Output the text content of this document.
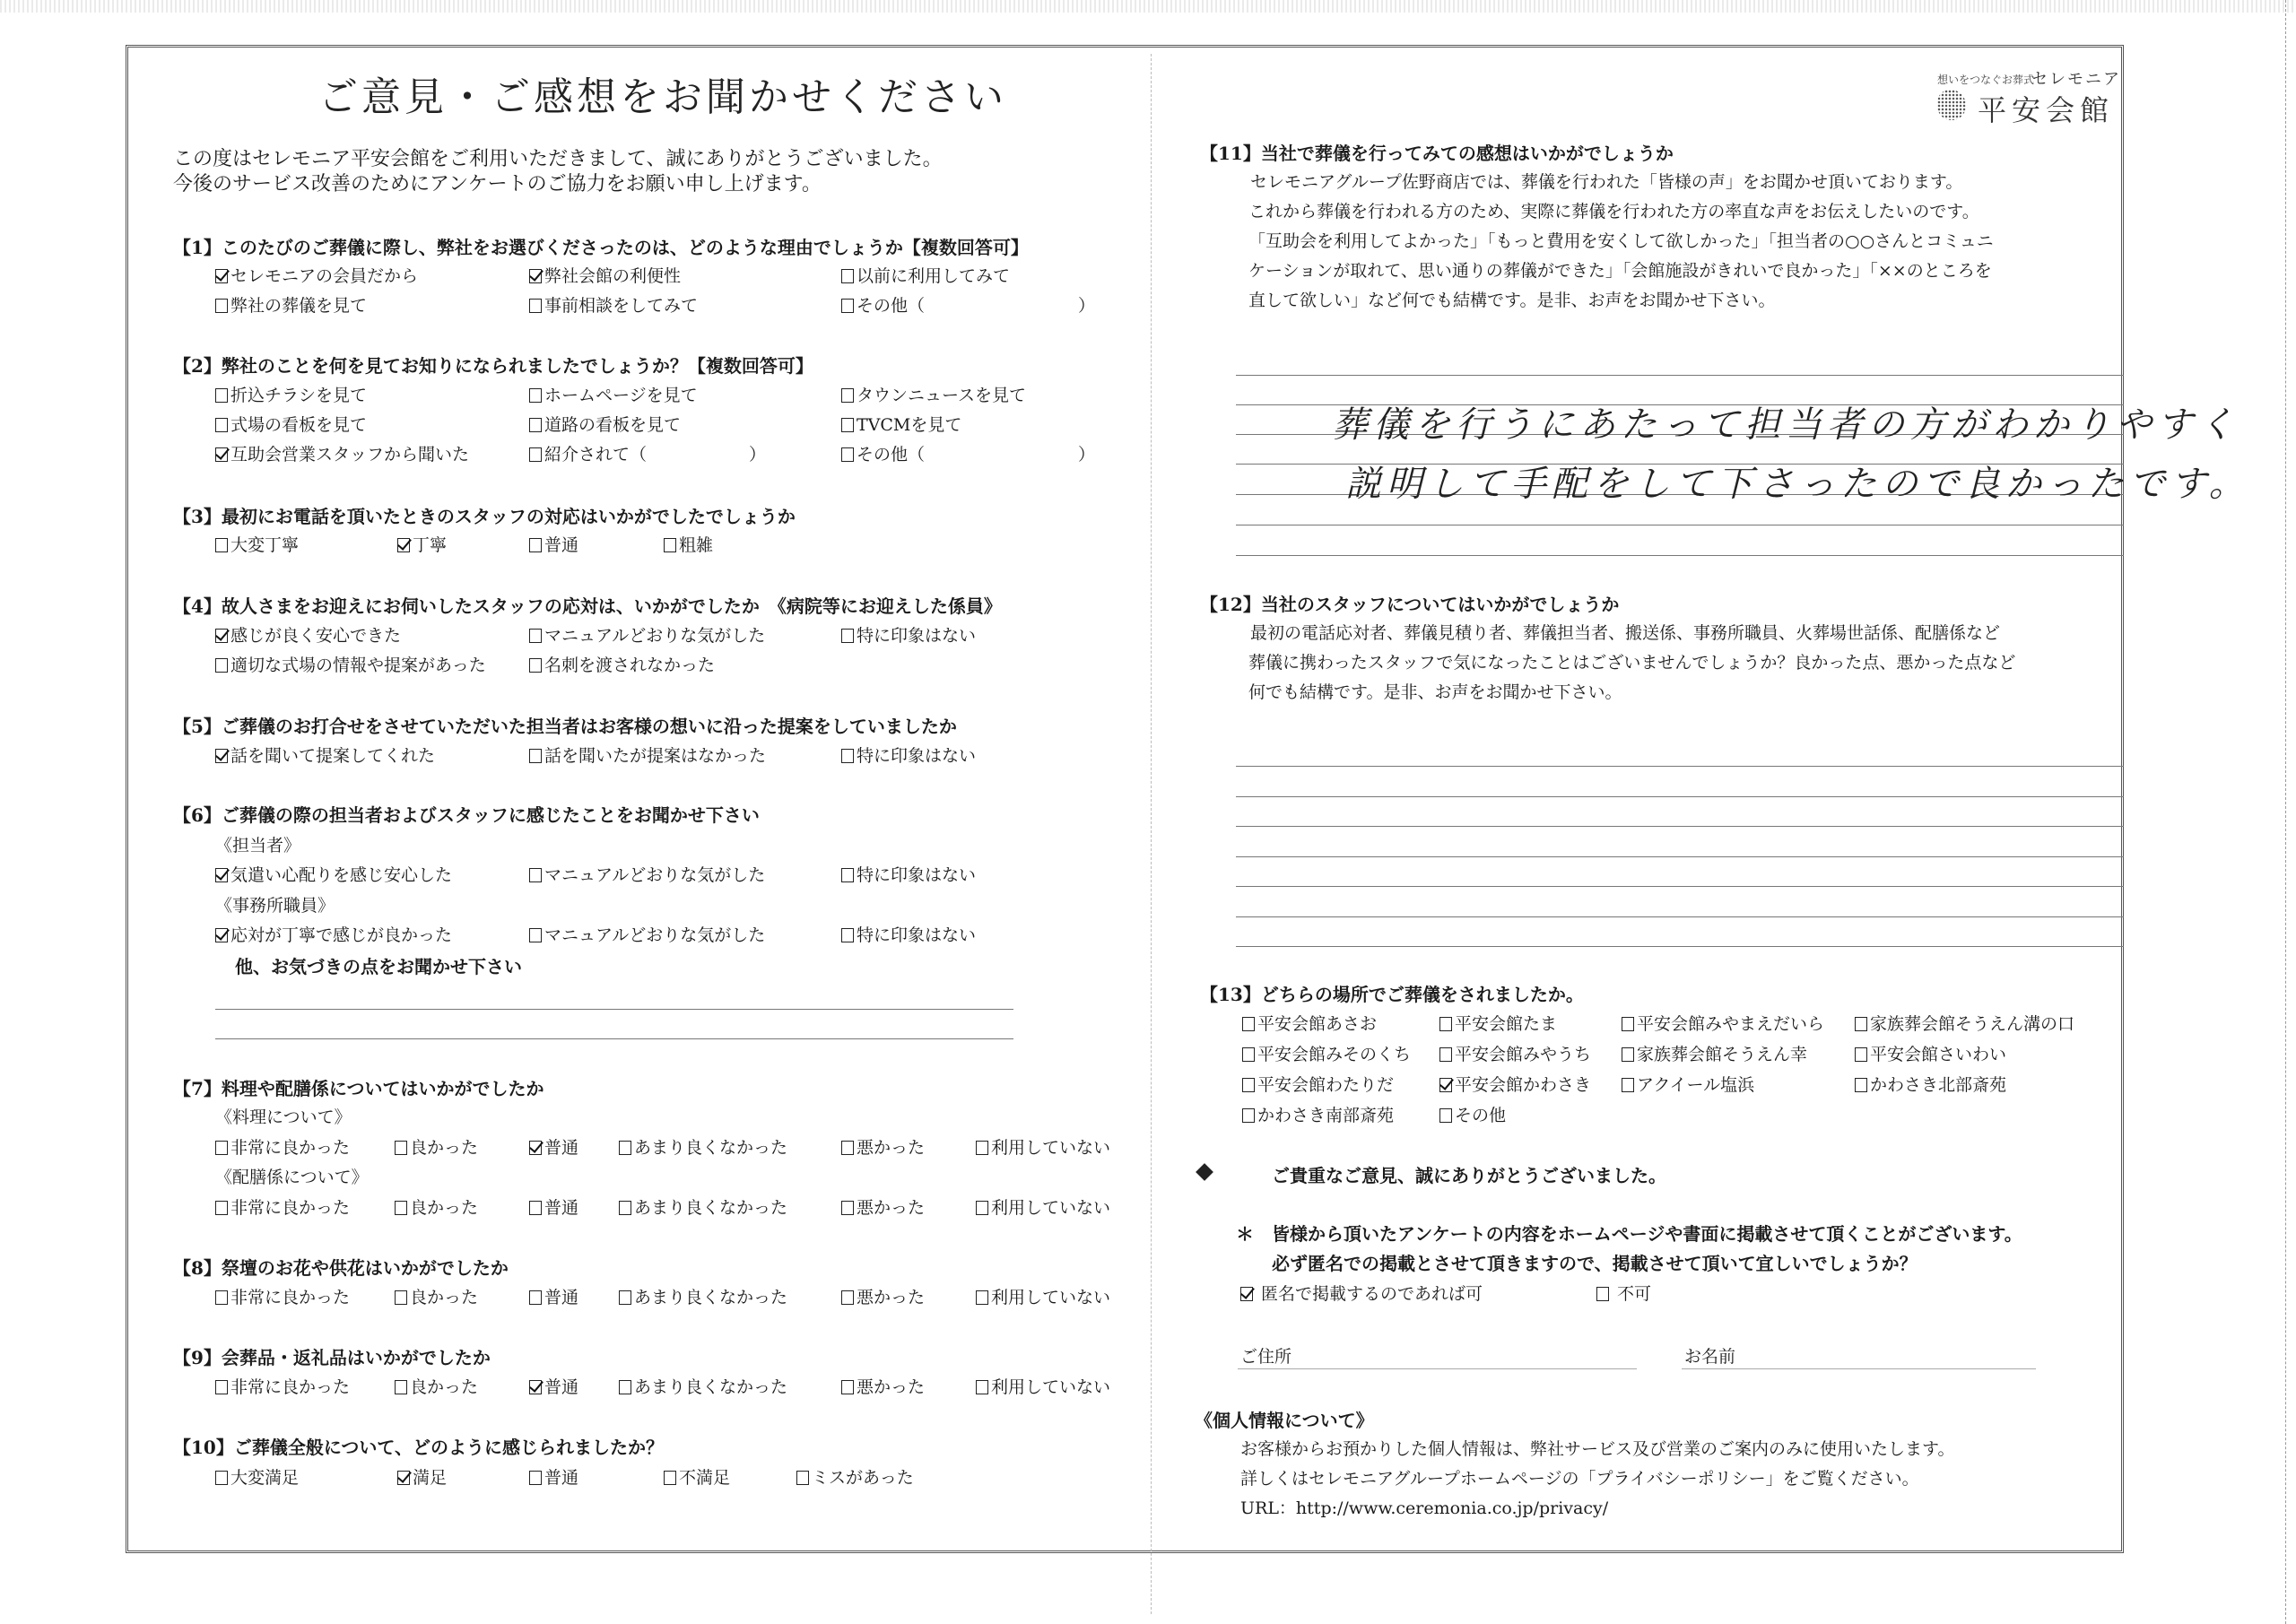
ご意見・ご感想をお聞かせください
この度はセレモニア平安会館をご利用いただきまして、誠にありがとうございました。
今後のサービス改善のためにアンケートのご協力をお願い申し上げます。
【1】このたびのご葬儀に際し、弊社をお選びくださったのは、どのような理由でしょうか【複数回答可】
セレモニアの会員だから	弊社会館の利便性	以前に利用してみて
弊社の葬儀を見て	事前相談をしてみて	その他（　　　　　　　　　）
【2】弊社のことを何を見てお知りになられましたでしょうか？【複数回答可】
折込チラシを見て	ホームページを見て	タウンニュースを見て
式場の看板を見て	道路の看板を見て	TVCMを見て
互助会営業スタッフから聞いた	紹介されて（　　　　　　）	その他（　　　　　　　　　）
【3】最初にお電話を頂いたときのスタッフの対応はいかがでしたでしょうか
大変丁寧	丁寧	普通	粗雑
【4】故人さまをお迎えにお伺いしたスタッフの応対は、いかがでしたか　《病院等にお迎えした係員》
感じが良く安心できた	マニュアルどおりな気がした	特に印象はない
適切な式場の情報や提案があった	名刺を渡されなかった
【5】ご葬儀のお打合せをさせていただいた担当者はお客様の想いに沿った提案をしていましたか
話を聞いて提案してくれた	話を聞いたが提案はなかった	特に印象はない
【6】ご葬儀の際の担当者およびスタッフに感じたことをお聞かせ下さい
《担当者》
気遣い心配りを感じ安心した	マニュアルどおりな気がした	特に印象はない
《事務所職員》
応対が丁寧で感じが良かった	マニュアルどおりな気がした	特に印象はない
他、お気づきの点をお聞かせ下さい
【7】料理や配膳係についてはいかがでしたか
《料理について》
非常に良かった	良かった	普通	あまり良くなかった	悪かった	利用していない
《配膳係について》
非常に良かった	良かった	普通	あまり良くなかった	悪かった	利用していない
【8】祭壇のお花や供花はいかがでしたか
非常に良かった	良かった	普通	あまり良くなかった	悪かった	利用していない
【9】会葬品・返礼品はいかがでしたか
非常に良かった	良かった	普通	あまり良くなかった	悪かった	利用していない
【10】ご葬儀全般について、どのように感じられましたか？
大変満足	満足	普通	不満足	ミスがあった
想いをつなぐお葬式
セレモニア
平安会館
【11】当社で葬儀を行ってみての感想はいかがでしょうか
　セレモニアグループ佐野商店では、葬儀を行われた「皆様の声」をお聞かせ頂いております。
これから葬儀を行われる方のため、実際に葬儀を行われた方の率直な声をお伝えしたいのです。
「互助会を利用してよかった」「もっと費用を安くして欲しかった」「担当者の○○さんとコミュニ
ケーションが取れて、思い通りの葬儀ができた」「会館施設がきれいで良かった」「××のところを
直して欲しい」など何でも結構です。是非、お声をお聞かせ下さい。
葬儀を行うにあたって担当者の方がわかりやすく
説明して手配をして下さったので良かったです。
【12】当社のスタッフについてはいかがでしょうか
　最初の電話応対者、葬儀見積り者、葬儀担当者、搬送係、事務所職員、火葬場世話係、配膳係など
葬儀に携わったスタッフで気になったことはございませんでしょうか？良かった点、悪かった点など
何でも結構です。是非、お声をお聞かせ下さい。
【13】どちらの場所でご葬儀をされましたか。
平安会館あさお	平安会館たま	平安会館みやまえだいら	家族葬会館そうえん溝の口
平安会館みそのくち	平安会館みやうち	家族葬会館そうえん幸	平安会館さいわい
平安会館わたりだ	平安会館かわさき	アクイール塩浜	かわさき北部斎苑
かわさき南部斎苑	その他
ご貴重なご意見、誠にありがとうございました。
＊ 皆様から頂いたアンケートの内容をホームページや書面に掲載させて頂くことがございます。
必ず匿名での掲載とさせて頂きますので、掲載させて頂いて宜しいでしょうか？
匿名で掲載するのであれば可	不可
ご住所	お名前
《個人情報について》
お客様からお預かりした個人情報は、弊社サービス及び営業のご案内のみに使用いたします。
詳しくはセレモニアグループホームページの「プライバシーポリシー」をご覧ください。
URL：http://www.ceremonia.co.jp/privacy/
